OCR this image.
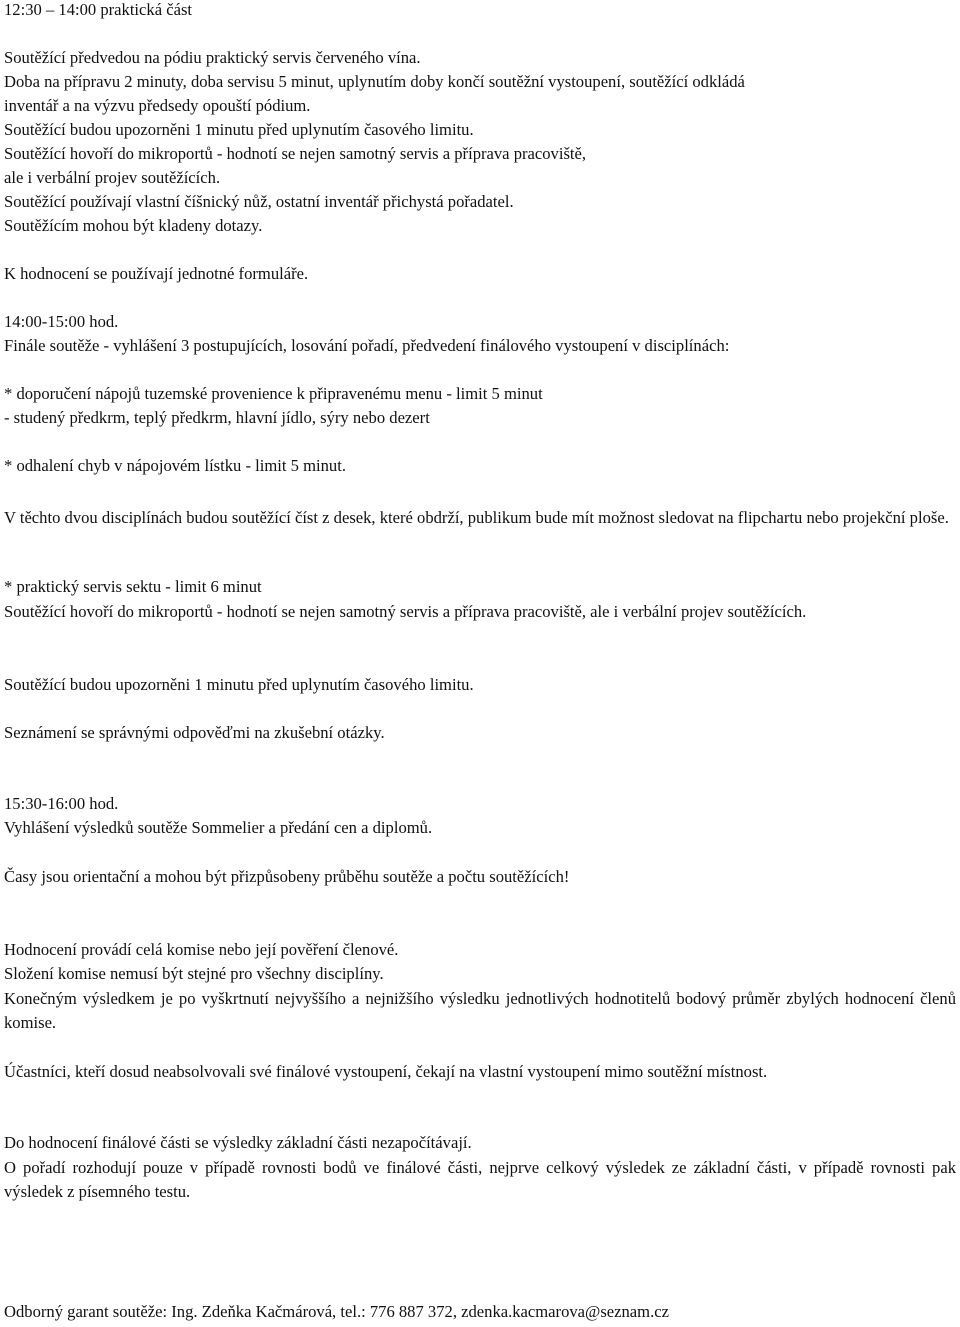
12:30 – 14:00 praktická část
Soutěžící předvedou na pódiu praktický servis červeného vína.
Doba na přípravu 2 minuty, doba servisu 5 minut, uplynutím doby končí soutěžní vystoupení, soutěžící odkládá
inventář a na výzvu předsedy opouští pódium.
Soutěžící budou upozorněni 1 minutu před uplynutím časového limitu.
Soutěžící hovoří do mikroportů - hodnotí se nejen samotný servis a příprava pracoviště,
ale i verbální projev soutěžících.
Soutěžící používají vlastní číšnický nůž, ostatní inventář přichystá pořadatel.
Soutěžícím mohou být kladeny dotazy.
K hodnocení se používají jednotné formuláře.
14:00-15:00 hod.
Finále soutěže - vyhlášení 3 postupujících, losování pořadí, předvedení finálového vystoupení v disciplínách:
* doporučení nápojů tuzemské provenience k připravenému menu - limit 5 minut
- studený předkrm, teplý předkrm, hlavní jídlo, sýry nebo dezert
* odhalení chyb v nápojovém lístku - limit 5 minut.
V těchto dvou disciplínách budou soutěžící číst z desek, které obdrží, publikum bude mít možnost sledovat na flipchartu nebo projekční ploše.
* praktický servis sektu - limit 6 minut
Soutěžící hovoří do mikroportů - hodnotí se nejen samotný servis a příprava pracoviště, ale i verbální projev soutěžících.
Soutěžící budou upozorněni 1 minutu před uplynutím časového limitu.
Seznámení se správnými odpověďmi na zkušební otázky.
15:30-16:00 hod.
Vyhlášení výsledků soutěže Sommelier a předání cen a diplomů.
Časy jsou orientační a mohou být přizpůsobeny průběhu soutěže a počtu soutěžících!
Hodnocení provádí celá komise nebo její pověření členové.
Složení komise nemusí být stejné pro všechny disciplíny.
Konečným výsledkem je po vyškrtnutí nejvyššího a nejnižšího výsledku jednotlivých hodnotitelů bodový průměr zbylých hodnocení členů komise.
Účastníci, kteří dosud neabsolvovali své finálové vystoupení, čekají na vlastní vystoupení mimo soutěžní místnost.
Do hodnocení finálové části se výsledky základní části nezapočítávají.
O pořadí rozhodují pouze v případě rovnosti bodů ve finálové části, nejprve celkový výsledek ze základní části, v případě rovnosti pak výsledek z písemného testu.
Odborný garant soutěže: Ing. Zdeňka Kačmárová, tel.: 776 887 372, zdenka.kacmarova@seznam.cz
